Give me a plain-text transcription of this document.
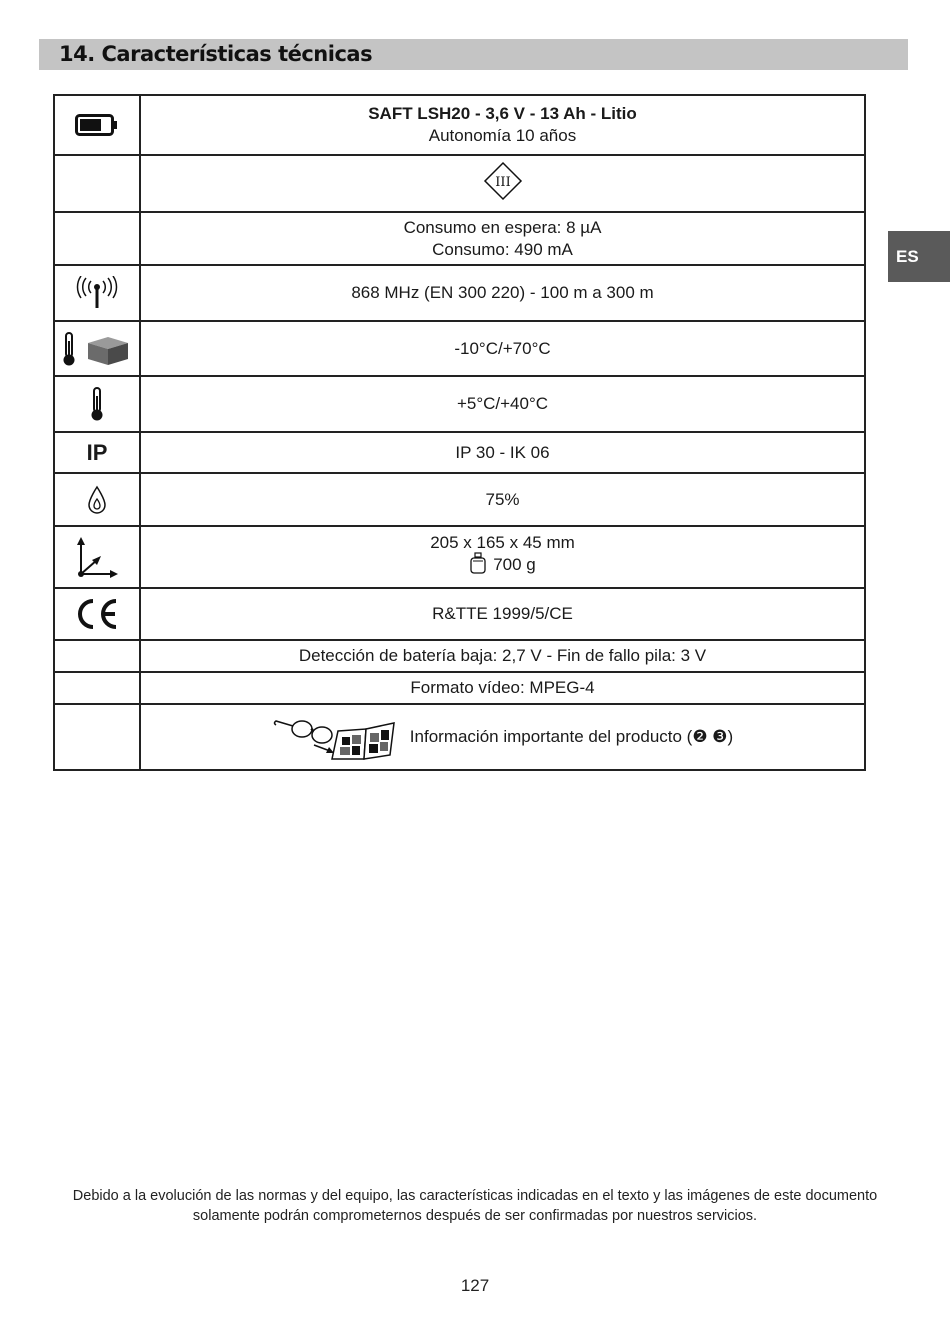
14. Características técnicas
ES

SAFT LSH20 - 3,6 V - 13 Ah - Litio
Autonomía 10 años

III

	Consumo en espera: 8 µA
Consumo: 490 mA

868 MHz (EN 300 220) - 100 m a 300 m

-10°C/+70°C

+5°C/+40°C

IP	IP 30 - IK 06

75%

205 x 165 x 45 mm
700 g

R&TTE 1999/5/CE

	Detección de batería baja: 2,7 V - Fin de fallo pila: 3 V

	Formato vídeo: MPEG-4

	Información importante del producto (❷ ❸)
Debido a la evolución de las normas y del equipo, las características indicadas en el texto y las imágenes de este documento solamente podrán comprometernos después de ser confirmadas por nuestros servicios.
127
